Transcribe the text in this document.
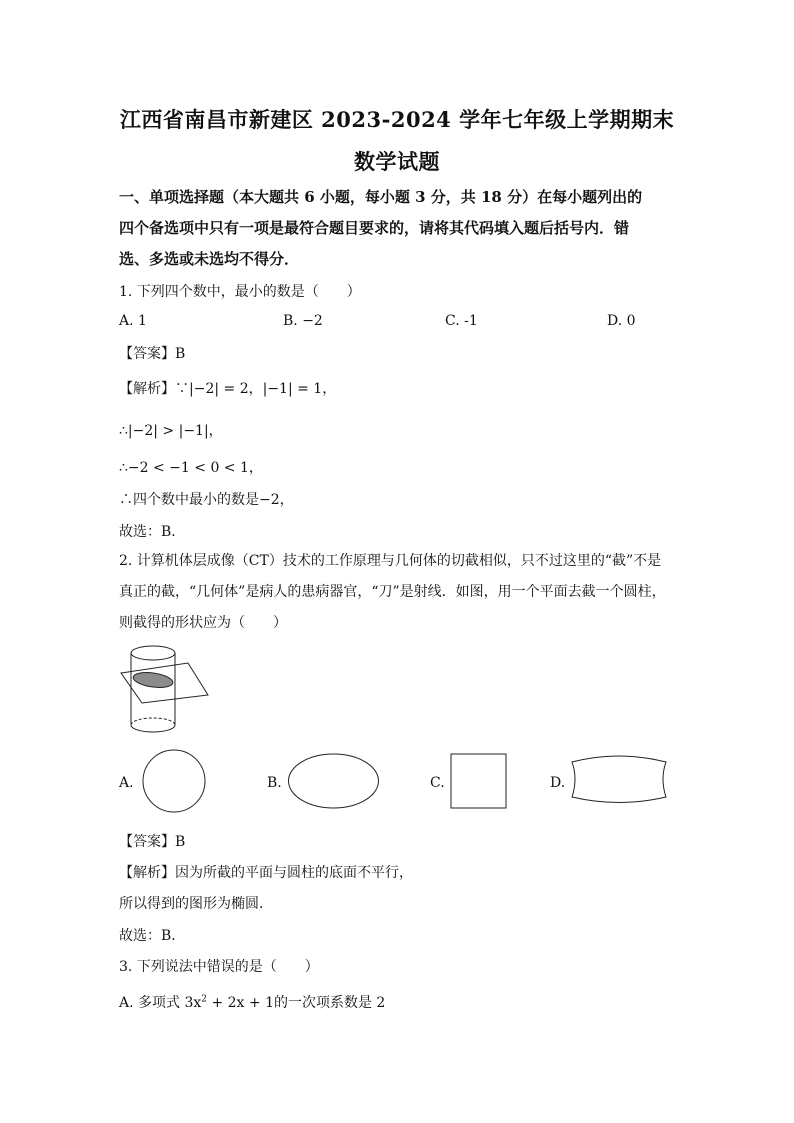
江西省南昌市新建区 2023-2024 学年七年级上学期期末
数学试题
一、单项选择题（本大题共 6 小题，每小题 3 分，共 18 分）在每小题列出的
四个备选项中只有一项是最符合题目要求的，请将其代码填入题后括号内．错
选、多选或未选均不得分．
1. 下列四个数中，最小的数是（　　）
A. 1	B. −2	C. -1	D. 0
【答案】B
【解析】∵|−2| = 2，|−1| = 1，
∴|−2| > |−1|，
∴−2 < −1 < 0 < 1，
∴四个数中最小的数是−2，
故选：B．
2. 计算机体层成像（CT）技术的工作原理与几何体的切截相似，只不过这里的“截”不是
真正的截，“几何体”是病人的患病器官，“刀”是射线．如图，用一个平面去截一个圆柱，
则截得的形状应为（　　）
A.	B.	C.	D.
【答案】B
【解析】因为所截的平面与圆柱的底面不平行，
所以得到的图形为椭圆．
故选：B．
3. 下列说法中错误的是（　　）
A. 多项式 $3x^2 + 2x + 1$的一次项系数是 2
